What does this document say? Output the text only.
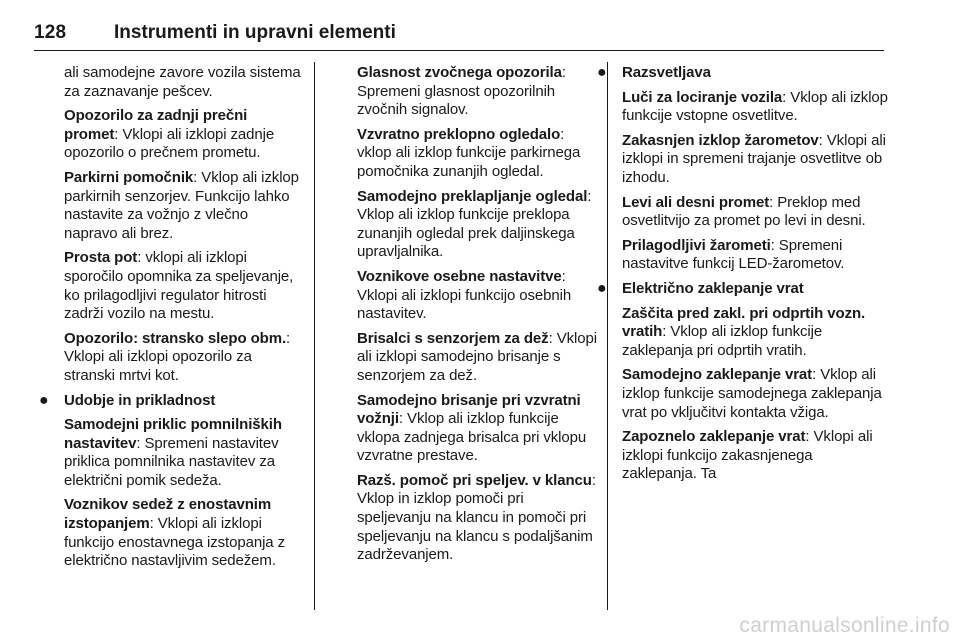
128	Instrumenti in upravni elementi

ali samodejne zavore vozila sistema za zaznavanje pešcev.

Opozorilo za zadnji prečni promet: Vklopi ali izklopi zadnje opozorilo o prečnem prometu.

Parkirni pomočnik: Vklop ali izklop parkirnih senzorjev. Funkcijo lahko nastavite za vožnjo z vlečno napravo ali brez.

Prosta pot: vklopi ali izklopi sporočilo opomnika za speljevanje, ko prilagodljivi regulator hitrosti zadrži vozilo na mestu.

Opozorilo: stransko slepo obm.: Vklopi ali izklopi opozorilo za stranski mrtvi kot.

● Udobje in prikladnost

Samodejni priklic pomnilniških nastavitev: Spremeni nastavitev priklica pomnilnika nastavitev za električni pomik sedeža.

Voznikov sedež z enostavnim izstopanjem: Vklopi ali izklopi funkcijo enostavnega izstopanja z električno nastavljivim sedežem.

Glasnost zvočnega opozorila: Spremeni glasnost opozorilnih zvočnih signalov.

Vzvratno preklopno ogledalo: vklop ali izklop funkcije parkirnega pomočnika zunanjih ogledal.

Samodejno preklapljanje ogledal: Vklop ali izklop funkcije preklopa zunanjih ogledal prek daljinskega upravljalnika.

Voznikove osebne nastavitve: Vklopi ali izklopi funkcijo osebnih nastavitev.

Brisalci s senzorjem za dež: Vklopi ali izklopi samodejno brisanje s senzorjem za dež.

Samodejno brisanje pri vzvratni vožnji: Vklop ali izklop funkcije vklopa zadnjega brisalca pri vklopu vzvratne prestave.

Razš. pomoč pri speljev. v klancu: Vklop in izklop pomoči pri speljevanju na klancu in pomoči pri speljevanju na klancu s podaljšanim zadrževanjem.

● Razsvetljava

Luči za lociranje vozila: Vklop ali izklop funkcije vstopne osvetlitve.

Zakasnjen izklop žarometov: Vklopi ali izklopi in spremeni trajanje osvetlitve ob izhodu.

Levi ali desni promet: Preklop med osvetlitvijo za promet po levi in desni.

Prilagodljivi žarometi: Spremeni nastavitve funkcij LED-žarometov.

● Električno zaklepanje vrat

Zaščita pred zakl. pri odprtih vozn. vratih: Vklop ali izklop funkcije zaklepanja pri odprtih vratih.

Samodejno zaklepanje vrat: Vklop ali izklop funkcije samodejnega zaklepanja vrat po vključitvi kontakta vžiga.

Zapoznelo zaklepanje vrat: Vklopi ali izklopi funkcijo zakasnjenega zaklepanja. Ta

carmanualsonline.info
